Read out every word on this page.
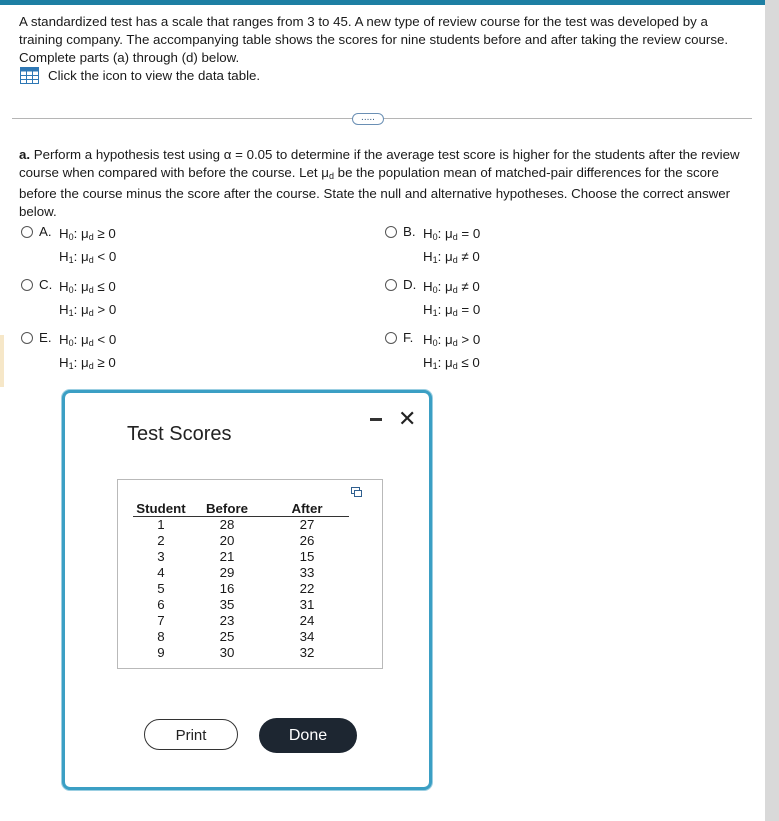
A standardized test has a scale that ranges from 3 to 45. A new type of review course for the test was developed by a training company. The accompanying table shows the scores for nine students before and after taking the review course. Complete parts (a) through (d) below.
Click the icon to view the data table.
.....
a. Perform a hypothesis test using α = 0.05 to determine if the average test score is higher for the students after the review course when compared with before the course. Let $\mu_d$ be the population mean of matched-pair differences for the score before the course minus the score after the course. State the null and alternative hypotheses. Choose the correct answer below.
A. $H_0$: $\mu_d \ge 0$
$H_1$: $\mu_d < 0$
B. $H_0$: $\mu_d = 0$
$H_1$: $\mu_d \ne 0$
C. $H_0$: $\mu_d \le 0$
$H_1$: $\mu_d > 0$
D. $H_0$: $\mu_d \ne 0$
$H_1$: $\mu_d = 0$
E. $H_0$: $\mu_d < 0$
$H_1$: $\mu_d \ge 0$
F. $H_0$: $\mu_d > 0$
$H_1$: $\mu_d \le 0$
Test Scores
✕
Student	Before	After
1	28	27
2	20	26
3	21	15
4	29	33
5	16	22
6	35	31
7	23	24
8	25	34
9	30	32
Print	Done
